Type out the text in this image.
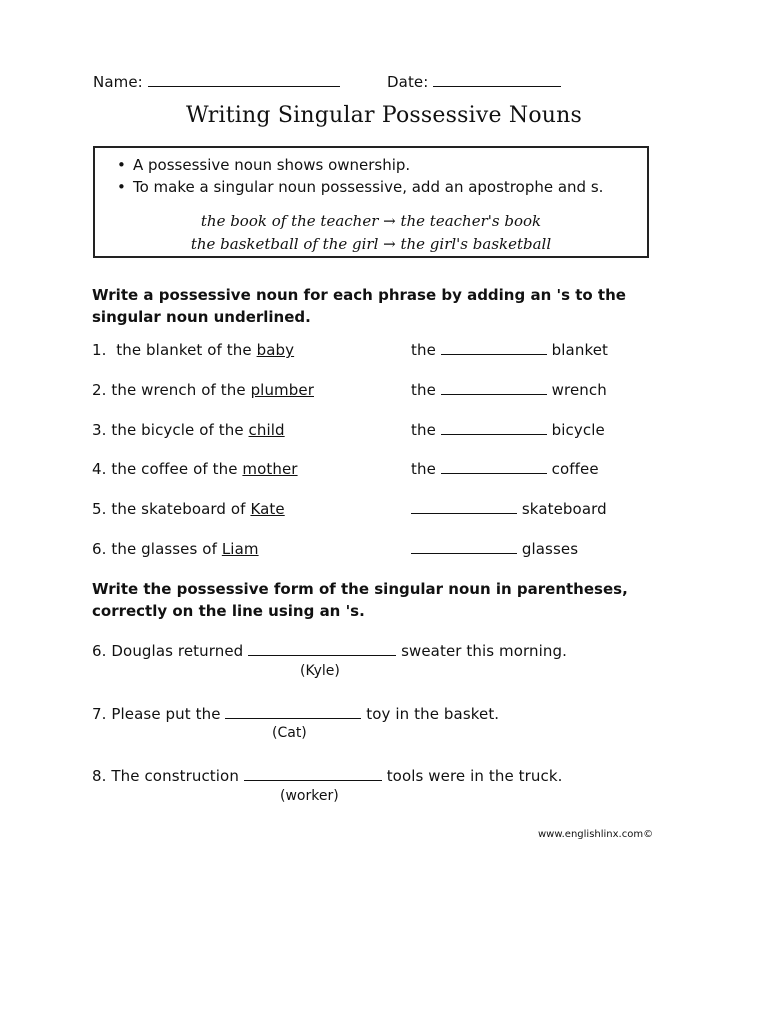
Name:	Date:
Writing Singular Possessive Nouns
• A possessive noun shows ownership.
• To make a singular noun possessive, add an apostrophe and s.
the book of the teacher → the teacher's book
the basketball of the girl → the girl's basketball
Write a possessive noun for each phrase by adding an 's to the singular noun underlined.
1. the blanket of the baby	the	blanket
2. the wrench of the plumber	the	wrench
3. the bicycle of the child	the	bicycle
4. the coffee of the mother	the	coffee
5. the skateboard of Kate	skateboard
6. the glasses of Liam	glasses
Write the possessive form of the singular noun in parentheses, correctly on the line using an 's.
6. Douglas returned	sweater this morning.
(Kyle)
7. Please put the	toy in the basket.
(Cat)
8. The construction	tools were in the truck.
(worker)
www.englishlinx.com©
